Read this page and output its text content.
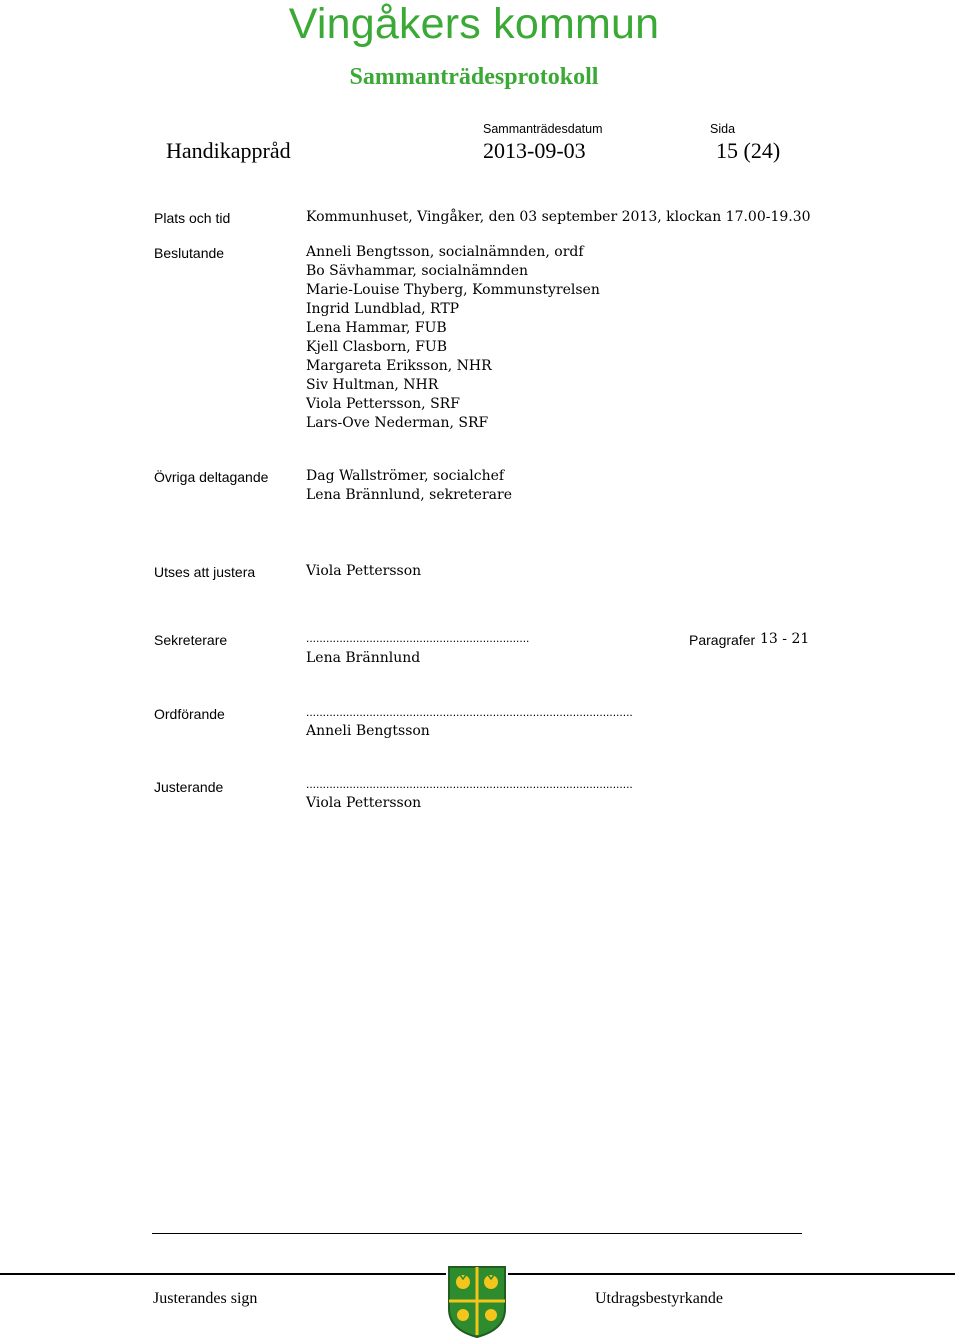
Vingåkers kommun
Sammanträdesprotokoll
Sammanträdesdatum	Sida
Handikappråd	2013-09-03	15 (24)
Plats och tid	Kommunhuset, Vingåker, den 03 september 2013, klockan 17.00-19.30
Beslutande	Anneli Bengtsson, socialnämnden, ordf
Bo Sävhammar, socialnämnden
Marie-Louise Thyberg, Kommunstyrelsen
Ingrid Lundblad, RTP
Lena Hammar, FUB
Kjell Clasborn, FUB
Margareta Eriksson, NHR
Siv Hultman, NHR
Viola Pettersson, SRF
Lars-Ove Nederman, SRF
Övriga deltagande	Dag Wallströmer, socialchef
Lena Brännlund, sekreterare
Utses att justera	Viola Pettersson
Sekreterare	...................................................................	Paragrafer 13 - 21
Lena Brännlund
Ordförande	..................................................................................................
Anneli Bengtsson
Justerande	..................................................................................................
Viola Pettersson
Justerandes sign	Utdragsbestyrkande
